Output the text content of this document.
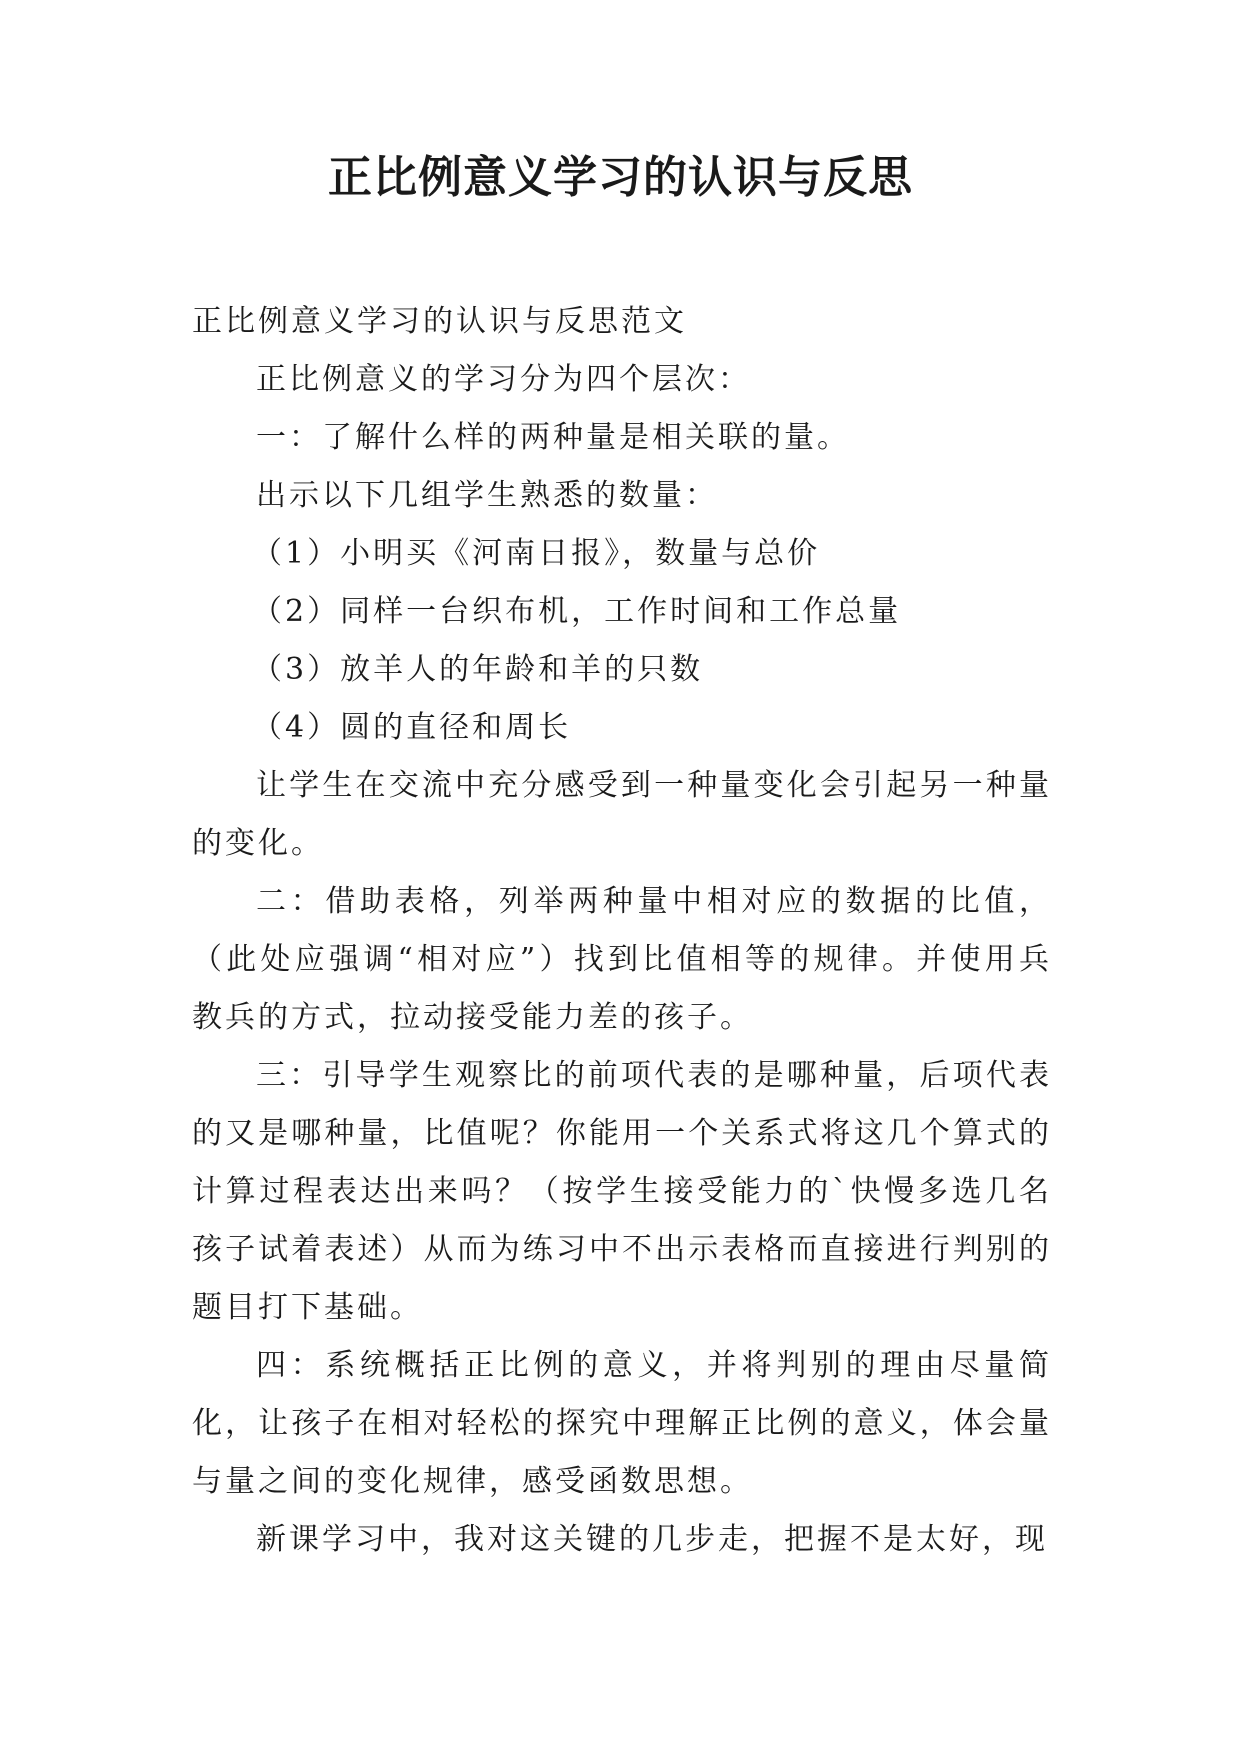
正比例意义学习的认识与反思

正比例意义学习的认识与反思范文

正比例意义的学习分为四个层次：

一：了解什么样的两种量是相关联的量。

出示以下几组学生熟悉的数量：

（1）小明买《河南日报》，数量与总价

（2）同样一台织布机，工作时间和工作总量

（3）放羊人的年龄和羊的只数

（4）圆的直径和周长

让学生在交流中充分感受到一种量变化会引起另一种量的变化。

二：借助表格，列举两种量中相对应的数据的比值，（此处应强调“相对应”）找到比值相等的规律。并使用兵教兵的方式，拉动接受能力差的孩子。

三：引导学生观察比的前项代表的是哪种量，后项代表的又是哪种量，比值呢？你能用一个关系式将这几个算式的计算过程表达出来吗？（按学生接受能力的`快慢多选几名孩子试着表述）从而为练习中不出示表格而直接进行判别的题目打下基础。

四：系统概括正比例的意义，并将判别的理由尽量简化，让孩子在相对轻松的探究中理解正比例的意义，体会量与量之间的变化规律，感受函数思想。

新课学习中，我对这关键的几步走，把握不是太好，现
